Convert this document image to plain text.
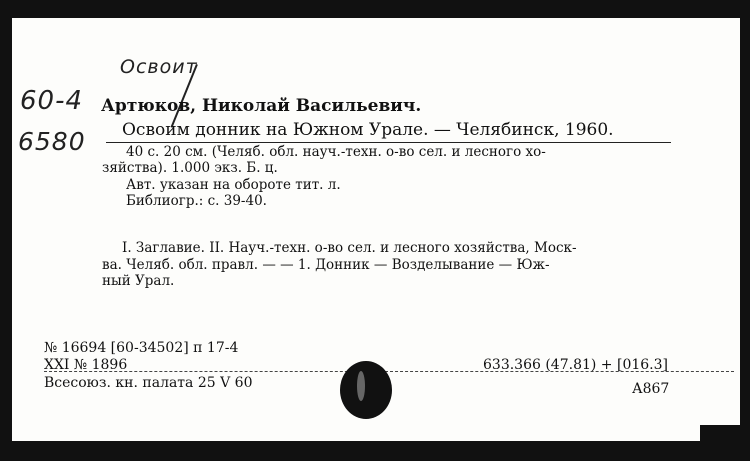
Освоит
60-4
6580
Артюков, Николай Васильевич.
Освоим донник на Южном Урале. — Челябинск, 1960.
40 с. 20 см. (Челяб. обл. науч.-техн. о-во сел. и лесного хо-
зяйства). 1.000 экз. Б. ц.
Авт. указан на обороте тит. л.
Библиогр.: с. 39-40.
I. Заглавие. II. Науч.-техн. о-во сел. и лесного хозяйства, Моск-
ва. Челяб. обл. правл. — — 1. Донник — Возделывание — Юж-
ный Урал.
№ 16694 [60-34502] п 17-4
XXI № 1896
Всесоюз. кн. палата 25 V 60
633.366 (47.81) + [016.3]
А867
